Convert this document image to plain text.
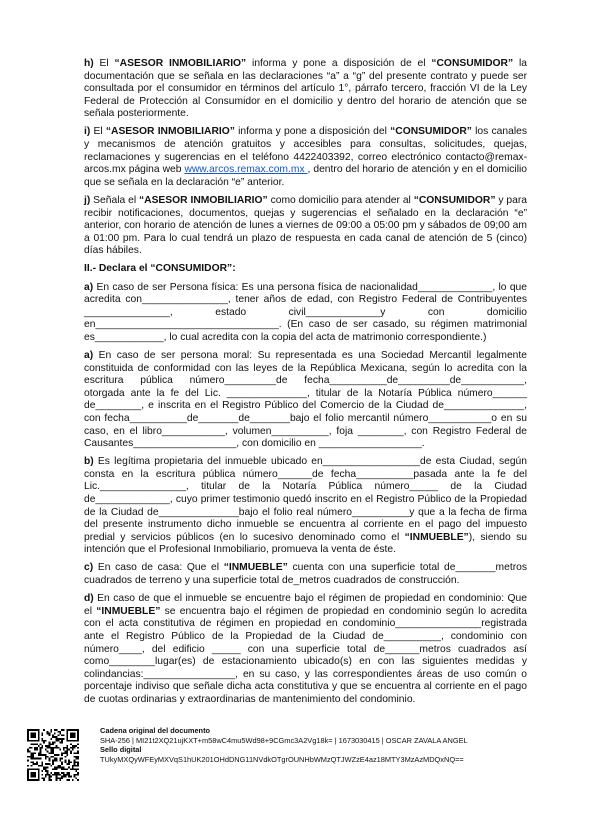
h) El “ASESOR INMOBILIARIO” informa y pone a disposición de el “CONSUMIDOR” la documentación que se señala en las declaraciones “a” a “g” del presente contrato y puede ser consultada por el consumidor en términos del artículo 1°, párrafo tercero, fracción VI de la Ley Federal de Protección al Consumidor en el domicilio y dentro del horario de atención que se señala posteriormente.

i) El “ASESOR INMOBILIARIO” informa y pone a disposición del “CONSUMIDOR” los canales y mecanismos de atención gratuitos y accesibles para consultas, solicitudes, quejas, reclamaciones y sugerencias en el teléfono 4422403392, correo electrónico contacto@remax-arcos.mx página web www.arcos.remax.com.mx , dentro del horario de atención y en el domicilio que se señala en la declaración “e” anterior.

j) Señala el “ASESOR INMOBILIARIO” como domicilio para atender al “CONSUMIDOR” y para recibir notificaciones, documentos, quejas y sugerencias el señalado en la declaración “e” anterior, con horario de atención de lunes a viernes de 09:00 a 05:00 pm y sábados de 09;00 am a 01:00 pm. Para lo cual tendrá un plazo de respuesta en cada canal de atención de 5 (cinco) días hábiles.

II.- Declara el “CONSUMIDOR”:

a) En caso de ser Persona física: Es una persona física de nacionalidad_____________, lo que acredita con_______________, tener años de edad, con Registro Federal de Contribuyentes _______________, estado civil_____________y con domicilio en________________________________. (En caso de ser casado, su régimen matrimonial es____________, lo cual acredita con la copia del acta de matrimonio correspondiente.)

a) En caso de ser persona moral: Su representada es una Sociedad Mercantil legalmente constituida de conformidad con las leyes de la República Mexicana, según lo acredita con la escritura pública número_________de fecha__________de_________de___________, otorgada ante la fe del Lic. ______________, titular de la Notaría Pública número______ de________, e inscrita en el Registro Público del Comercio de la Ciudad de______________, con fecha__________de_______de_______bajo el folio mercantil número___________o en su caso, en el libro___________, volumen__________, foja ________, con Registro Federal de Causantes__________________, con domicilio en __________________.

b) Es legítima propietaria del inmueble ubicado en_________________de esta Ciudad, según consta en la escritura pública número______de fecha__________pasada ante la fe del Lic._______________, titular de la Notaría Pública número_____ de la Ciudad de_____________, cuyo primer testimonio quedó inscrito en el Registro Público de la Propiedad de la Ciudad de______________bajo el folio real número__________y que a la fecha de firma del presente instrumento dicho inmueble se encuentra al corriente en el pago del impuesto predial y servicios públicos (en lo sucesivo denominado como el “INMUEBLE”), siendo su intención que el Profesional Inmobiliario, promueva la venta de éste.

c) En caso de casa: Que el “INMUEBLE” cuenta con una superficie total de_______metros cuadrados de terreno y una superficie total de_metros cuadrados de construcción.

d) En caso de que el inmueble se encuentre bajo el régimen de propiedad en condominio: Que el “INMUEBLE” se encuentra bajo el régimen de propiedad en condominio según lo acredita con el acta constitutiva de régimen en propiedad en condominio_______________registrada ante el Registro Público de la Propiedad de la Ciudad de__________, condominio con número____, del edificio _____ con una superficie total de______metros cuadrados así como________lugar(es) de estacionamiento ubicado(s) en con las siguientes medidas y colindancias:________________, en su caso, y las correspondientes áreas de uso común o porcentaje indiviso que señale dicha acta constitutiva y que se encuentra al corriente en el pago de cuotas ordinarias y extraordinarias de mantenimiento del condominio.

Cadena original del documento
SHA-256 | MI21t2XQ21ujKXT+m58wC4mu5Wd98+9CGmc3A2Vg18k= | 1673030415 | OSCAR ZAVALA ANGEL
Sello digital
TUkyMXQyWFEyMXVqS1hUK201OHdDNG11NVdkOTgrOUNHbWMzQTJWZzE4az18MTY3MzAzMDQxNQ==
